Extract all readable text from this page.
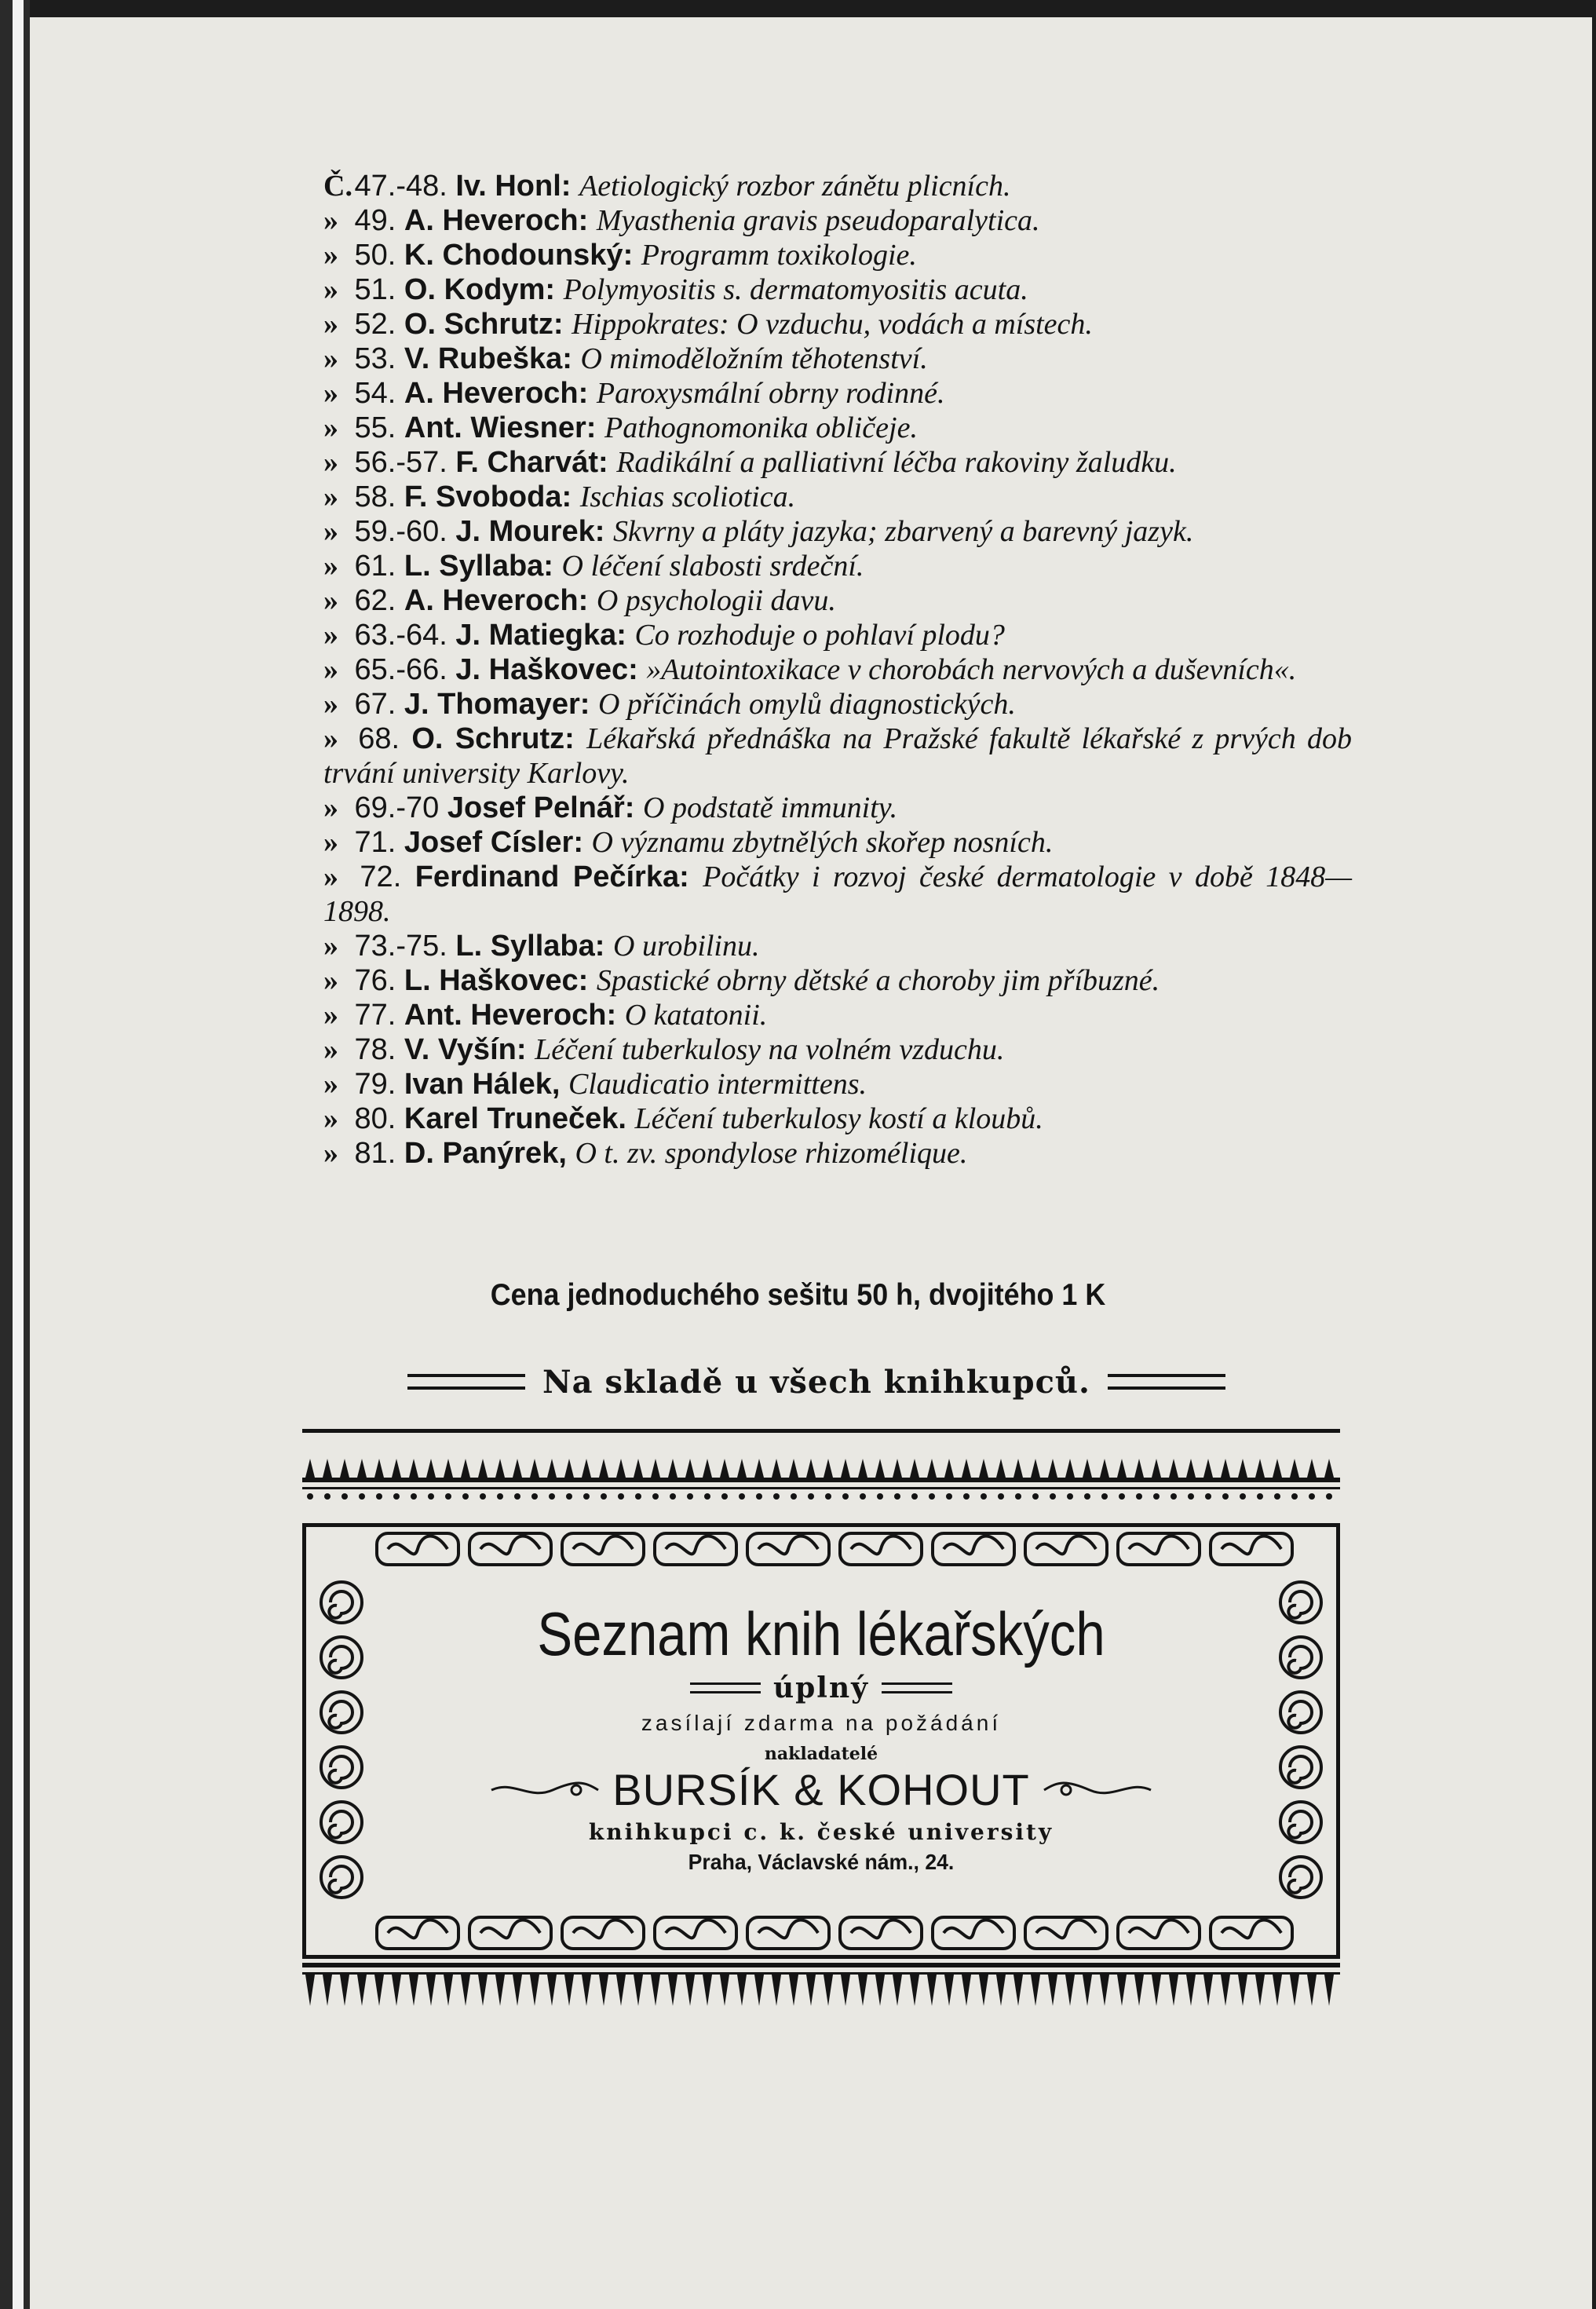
Č. 47.-48. Iv. Honl: Aetiologický rozbor zánětu plicních.
» 49. A. Heveroch: Myasthenia gravis pseudoparalytica.
» 50. K. Chodounský: Programm toxikologie.
» 51. O. Kodym: Polymyositis s. dermatomyositis acuta.
» 52. O. Schrutz: Hippokrates: O vzduchu, vodách a místech.
» 53. V. Rubeška: O mimoděložním těhotenství.
» 54. A. Heveroch: Paroxysmální obrny rodinné.
» 55. Ant. Wiesner: Pathognomonika obličeje.
» 56.-57. F. Charvát: Radikální a palliativní léčba rakoviny žaludku.
» 58. F. Svoboda: Ischias scoliotica.
» 59.-60. J. Mourek: Skvrny a pláty jazyka; zbarvený a barevný jazyk.
» 61. L. Syllaba: O léčení slabosti srdeční.
» 62. A. Heveroch: O psychologii davu.
» 63.-64. J. Matiegka: Co rozhoduje o pohlaví plodu?
» 65.-66. J. Haškovec: »Autointoxikace v chorobách nervových a duševních«.
» 67. J. Thomayer: O příčinách omylů diagnostických.
» 68. O. Schrutz: Lékařská přednáška na Pražské fakultě lékařské z prvých dob trvání university Karlovy.
» 69.-70 Josef Pelnář: O podstatě immunity.
» 71. Josef Císler: O významu zbytnělých skořep nosních.
» 72. Ferdinand Pečírka: Počátky i rozvoj české dermatologie v době 1848—1898.
» 73.-75. L. Syllaba: O urobilinu.
» 76. L. Haškovec: Spastické obrny dětské a choroby jim příbuzné.
» 77. Ant. Heveroch: O katatonii.
» 78. V. Vyšín: Léčení tuberkulosy na volném vzduchu.
» 79. Ivan Hálek, Claudicatio intermittens.
» 80. Karel Truneček. Léčení tuberkulosy kostí a kloubů.
» 81. D. Panýrek, O t. zv. spondylose rhizomélique.
Cena jednoduchého sešitu 50 h, dvojitého 1 K
Na skladě u všech knihkupců.
Seznam knih lékařských
úplný
zasílají zdarma na požádání
nakladatelé
BURSÍK & KOHOUT
knihkupci c. k. české university
Praha, Václavské nám., 24.
